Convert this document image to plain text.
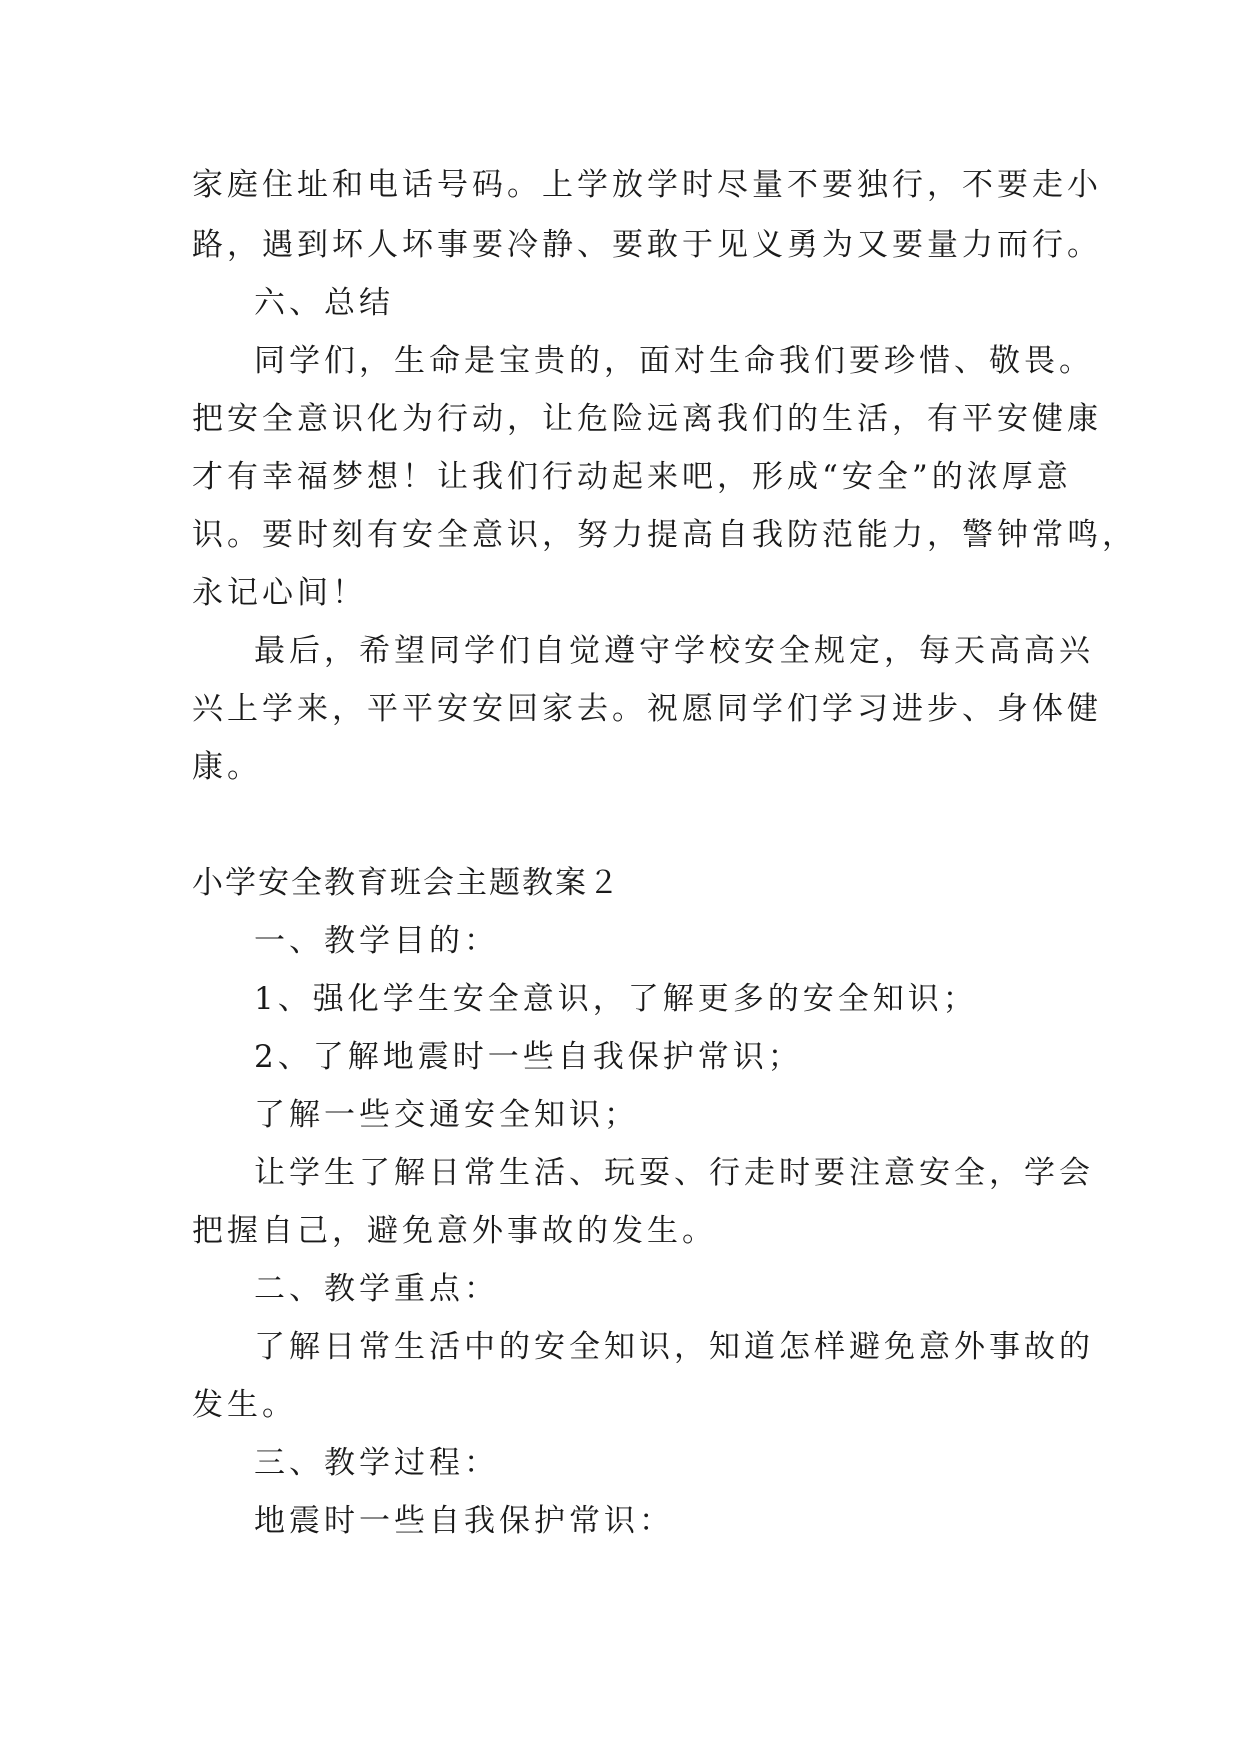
家庭住址和电话号码。上学放学时尽量不要独行，不要走小
路，遇到坏人坏事要冷静、要敢于见义勇为又要量力而行。
六、总结
同学们，生命是宝贵的，面对生命我们要珍惜、敬畏。
把安全意识化为行动，让危险远离我们的生活，有平安健康
才有幸福梦想！让我们行动起来吧，形成“安全”的浓厚意
识。要时刻有安全意识，努力提高自我防范能力，警钟常鸣，
永记心间！
最后，希望同学们自觉遵守学校安全规定，每天高高兴
兴上学来，平平安安回家去。祝愿同学们学习进步、身体健
康。
小学安全教育班会主题教案２
一、教学目的：
1、强化学生安全意识，了解更多的安全知识；
2、了解地震时一些自我保护常识；
了解一些交通安全知识；
让学生了解日常生活、玩耍、行走时要注意安全，学会
把握自己，避免意外事故的发生。
二、教学重点：
了解日常生活中的安全知识，知道怎样避免意外事故的
发生。
三、教学过程：
地震时一些自我保护常识：
